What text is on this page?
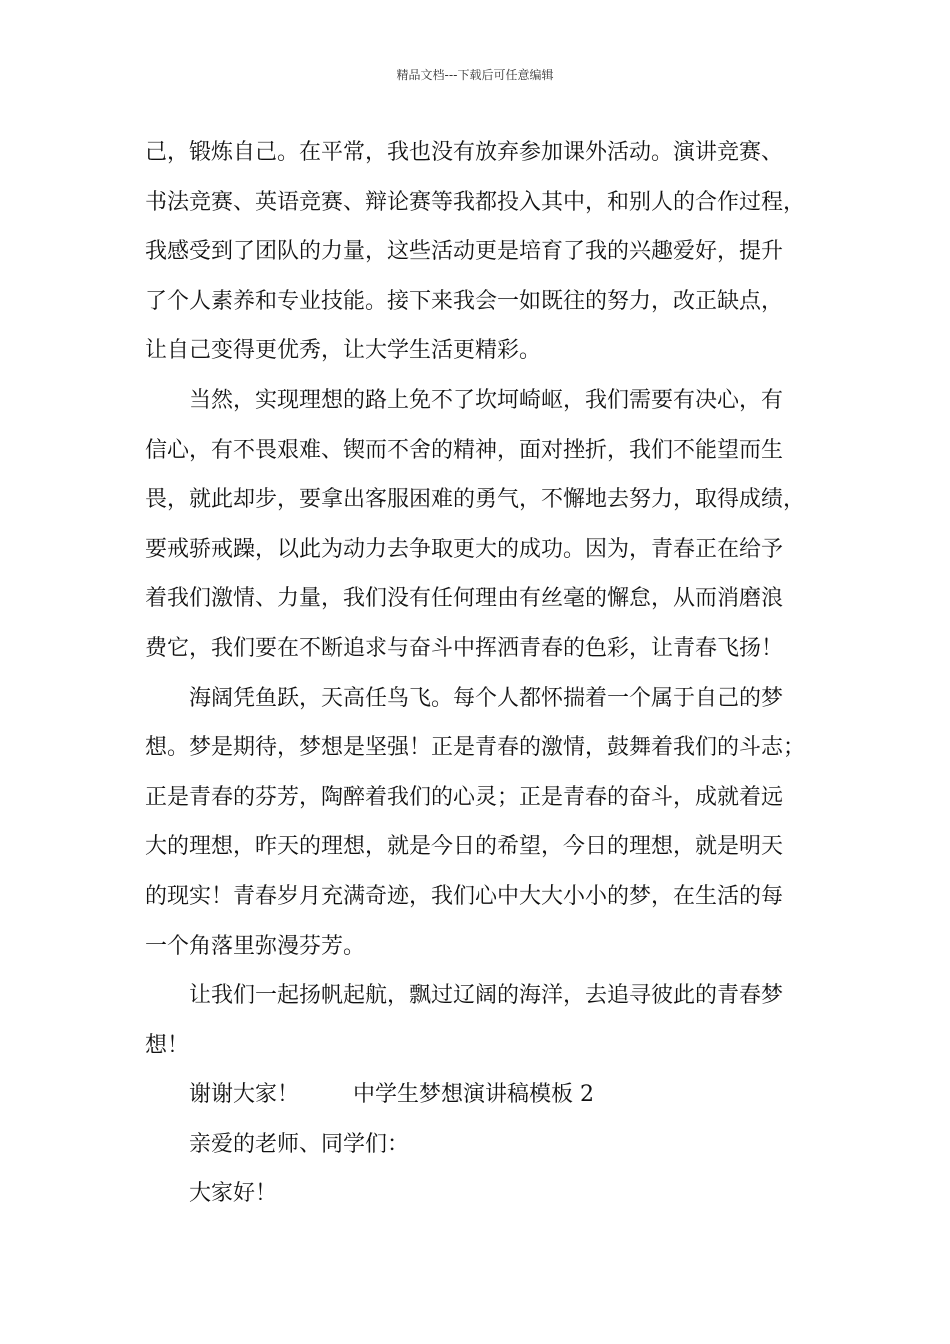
精品文档---下载后可任意编辑
己，锻炼自己。在平常，我也没有放弃参加课外活动。演讲竞赛、
书法竞赛、英语竞赛、辩论赛等我都投入其中，和别人的合作过程，
我感受到了团队的力量，这些活动更是培育了我的兴趣爱好，提升
了个人素养和专业技能。接下来我会一如既往的努力，改正缺点，
让自己变得更优秀，让大学生活更精彩。
当然，实现理想的路上免不了坎坷崎岖，我们需要有决心，有
信心，有不畏艰难、锲而不舍的精神，面对挫折，我们不能望而生
畏，就此却步，要拿出客服困难的勇气，不懈地去努力，取得成绩，
要戒骄戒躁，以此为动力去争取更大的成功。因为，青春正在给予
着我们激情、力量，我们没有任何理由有丝毫的懈怠，从而消磨浪
费它，我们要在不断追求与奋斗中挥洒青春的色彩，让青春飞扬！
海阔凭鱼跃，天高任鸟飞。每个人都怀揣着一个属于自己的梦
想。梦是期待，梦想是坚强！正是青春的激情，鼓舞着我们的斗志；
正是青春的芬芳，陶醉着我们的心灵；正是青春的奋斗，成就着远
大的理想，昨天的理想，就是今日的希望，今日的理想，就是明天
的现实！青春岁月充满奇迹，我们心中大大小小的梦，在生活的每
一个角落里弥漫芬芳。
让我们一起扬帆起航，飘过辽阔的海洋，去追寻彼此的青春梦
想！
谢谢大家！ 中学生梦想演讲稿模板 2
亲爱的老师、同学们：
大家好！
